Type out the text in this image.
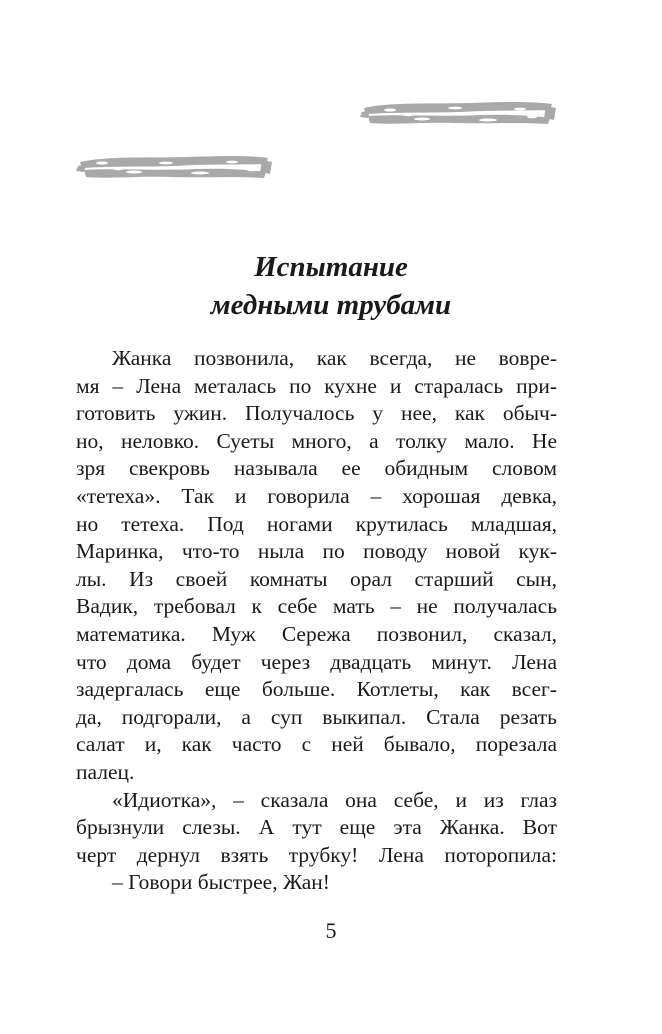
Испытание
медными трубами
Жанка позвонила, как всегда, не вовре-
мя – Лена металась по кухне и старалась при-
готовить ужин. Получалось у нее, как обыч-
но, неловко. Суеты много, а толку мало. Не
зря свекровь называла ее обидным словом
«тетеха». Так и говорила – хорошая девка,
но тетеха. Под ногами крутилась младшая,
Маринка, что-то ныла по поводу новой кук-
лы. Из своей комнаты орал старший сын,
Вадик, требовал к себе мать – не получалась
математика. Муж Сережа позвонил, сказал,
что дома будет через двадцать минут. Лена
задергалась еще больше. Котлеты, как всег-
да, подгорали, а суп выкипал. Стала резать
салат и, как часто с ней бывало, порезала
палец.
«Идиотка», – сказала она себе, и из глаз
брызнули слезы. А тут еще эта Жанка. Вот
черт дернул взять трубку! Лена поторопила:
– Говори быстрее, Жан!
5
